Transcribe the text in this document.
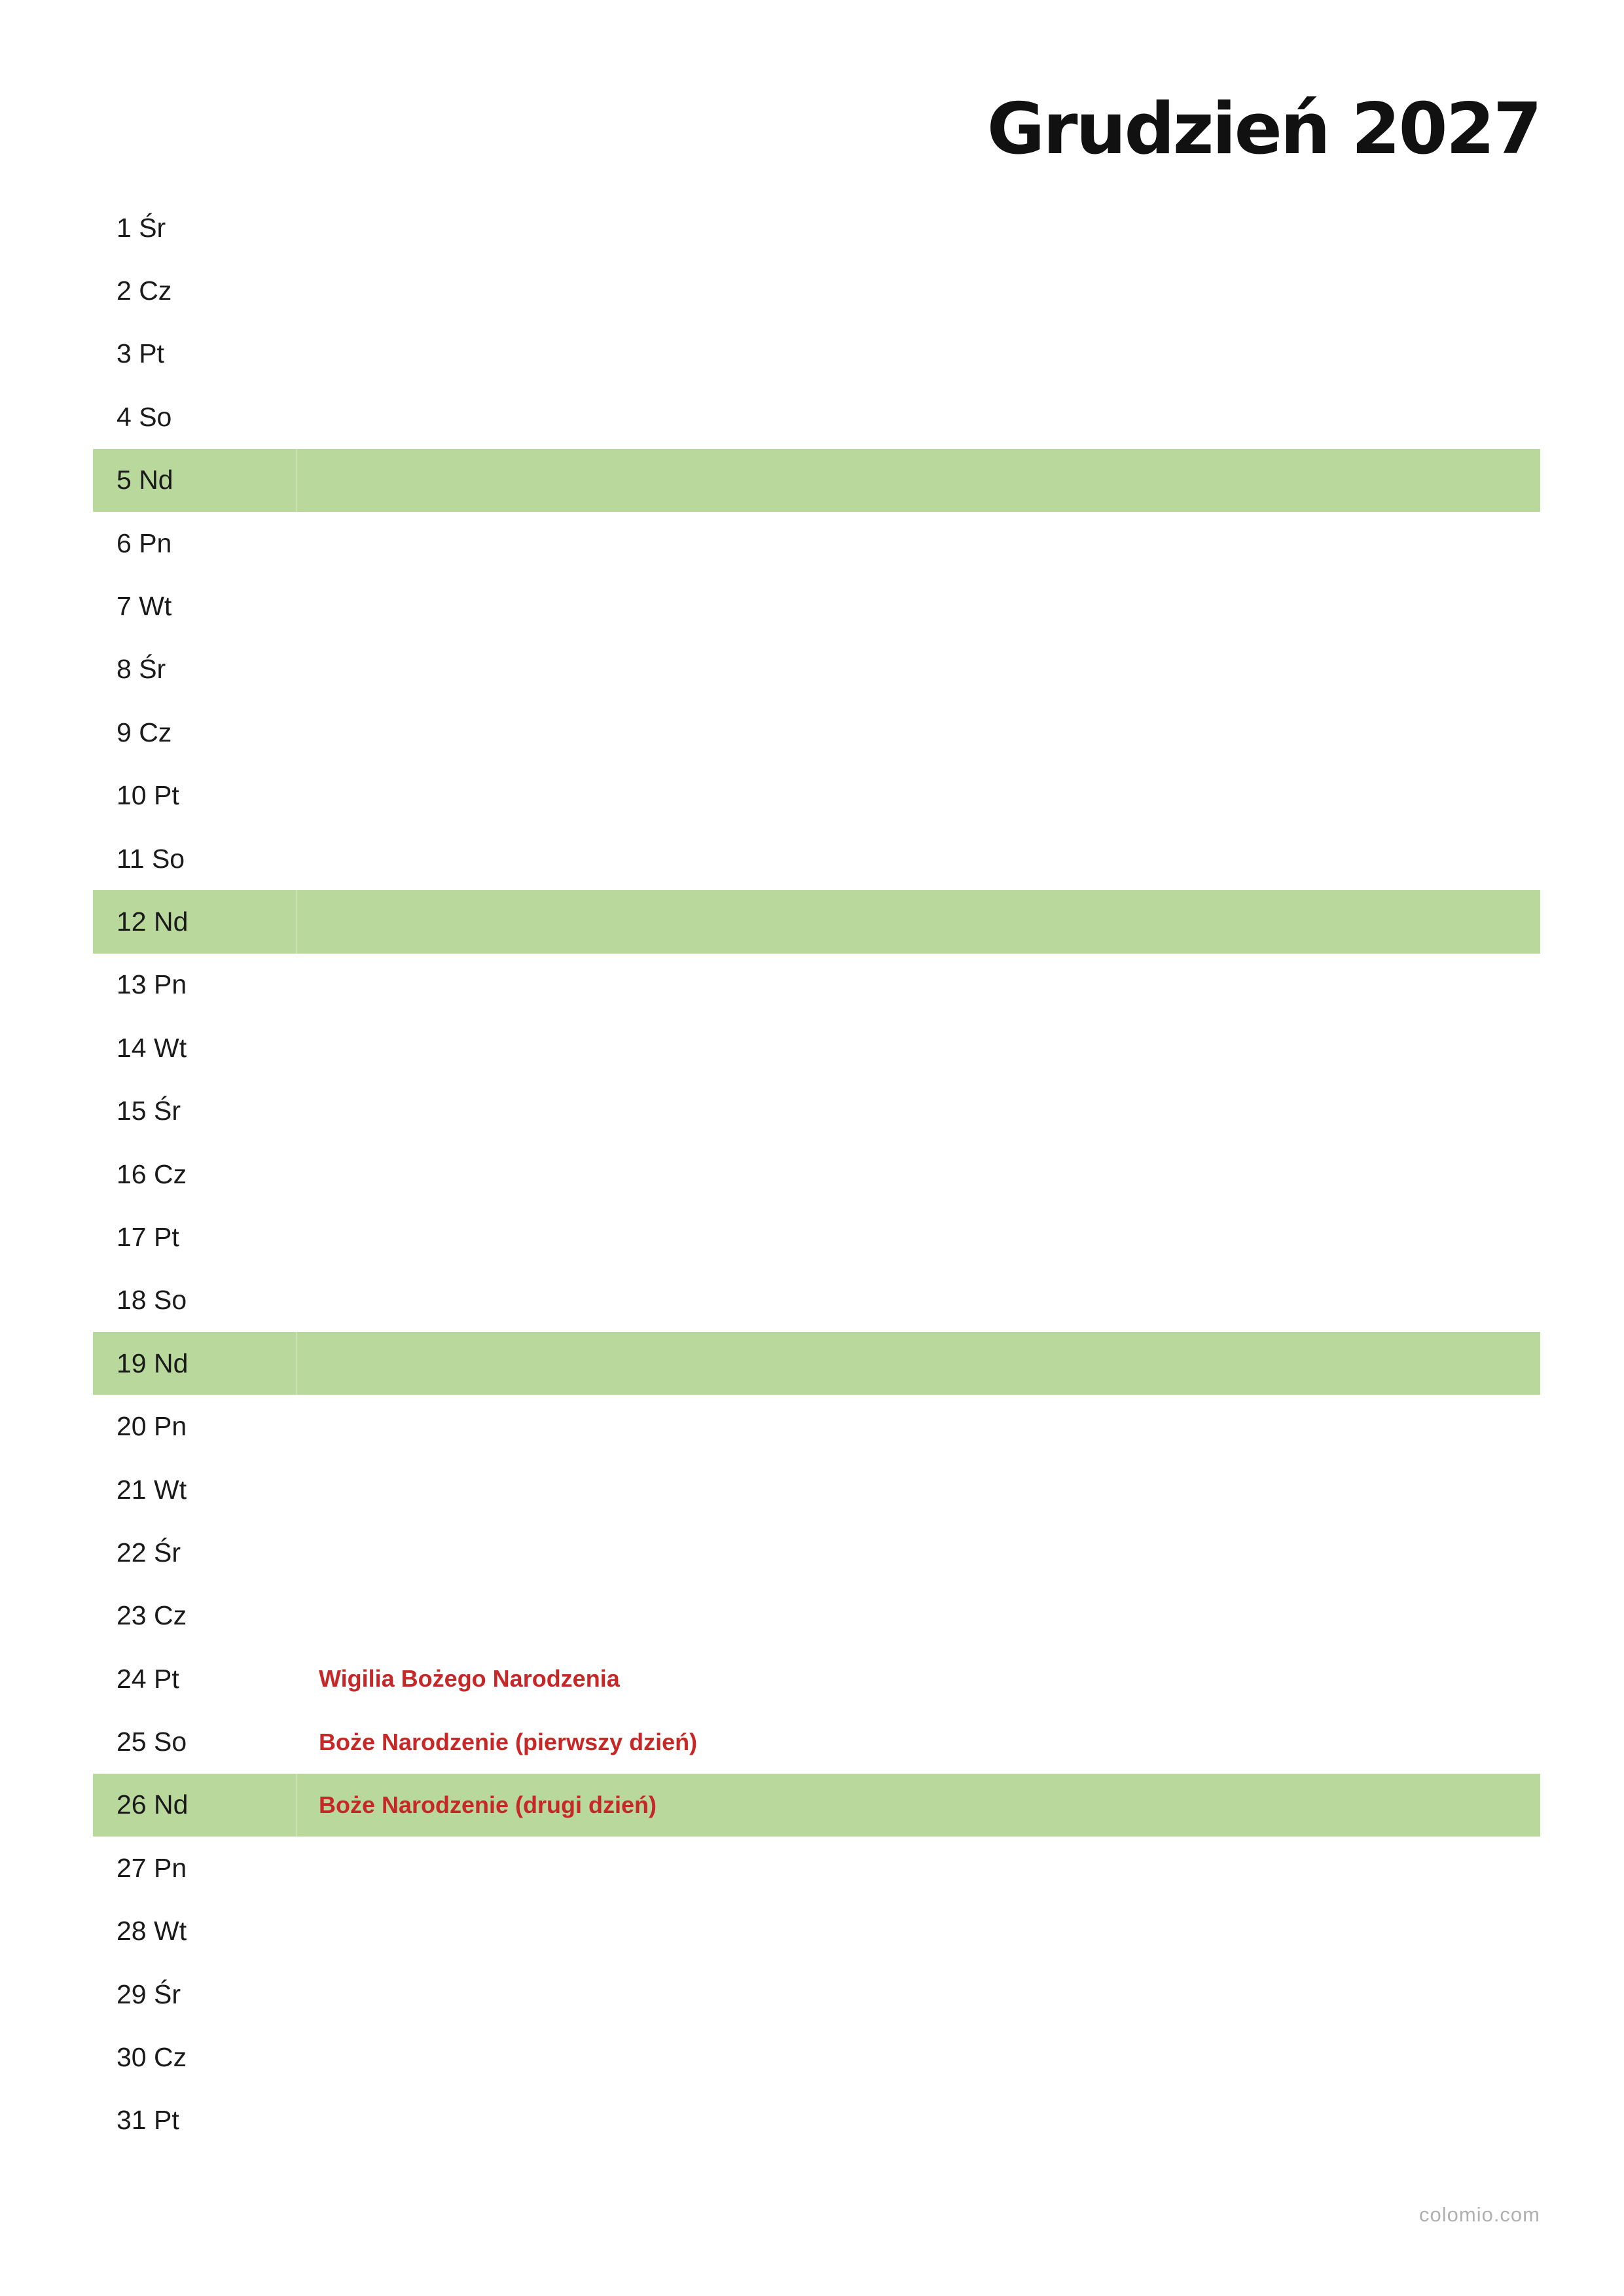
Grudzień 2027
1 Śr
2 Cz
3 Pt
4 So
5 Nd
6 Pn
7 Wt
8 Śr
9 Cz
10 Pt
11 So
12 Nd
13 Pn
14 Wt
15 Śr
16 Cz
17 Pt
18 So
19 Nd
20 Pn
21 Wt
22 Śr
23 Cz
24 Pt	Wigilia Bożego Narodzenia
25 So	Boże Narodzenie (pierwszy dzień)
26 Nd	Boże Narodzenie (drugi dzień)
27 Pn
28 Wt
29 Śr
30 Cz
31 Pt
colomio.com
